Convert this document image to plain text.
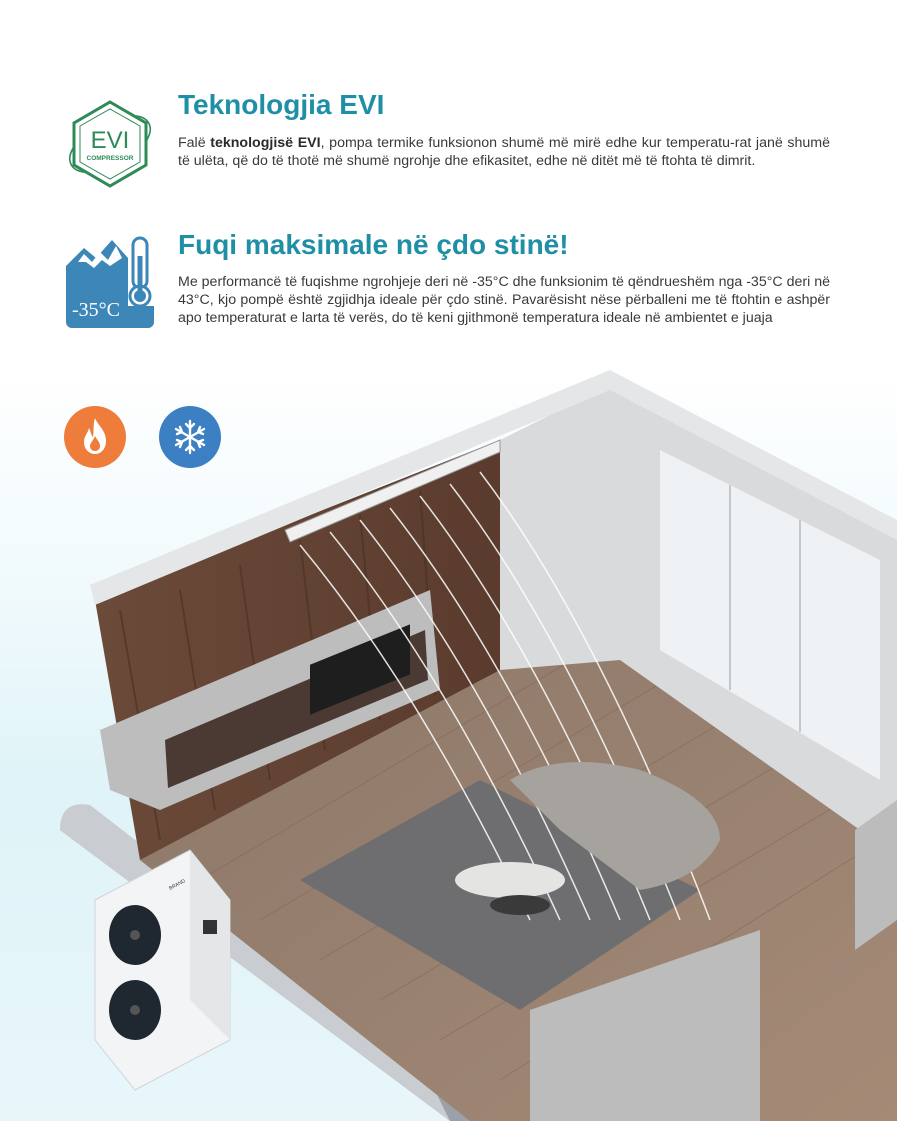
EVI
COMPRESSOR
Teknologjia EVI

Falë teknologjisë EVI, pompa termike funksionon shumë më mirë edhe kur temperatu-rat janë shumë të ulëta, që do të thotë më shumë ngrohje dhe efikasitet, edhe në ditët më të ftohta të dimrit.

-35°C
Fuqi maksimale në çdo stinë!

Me performancë të fuqishme ngrohjeje deri në -35°C dhe funksionim të qëndrueshëm nga -35°C deri në 43°C, kjo pompë është zgjidhja ideale për çdo stinë. Pavarësisht nëse përballeni me të ftohtin e ashpër apo temperaturat e larta të verës, do të keni gjithmonë temperatura ideale në ambientet e juaja

BRAND
